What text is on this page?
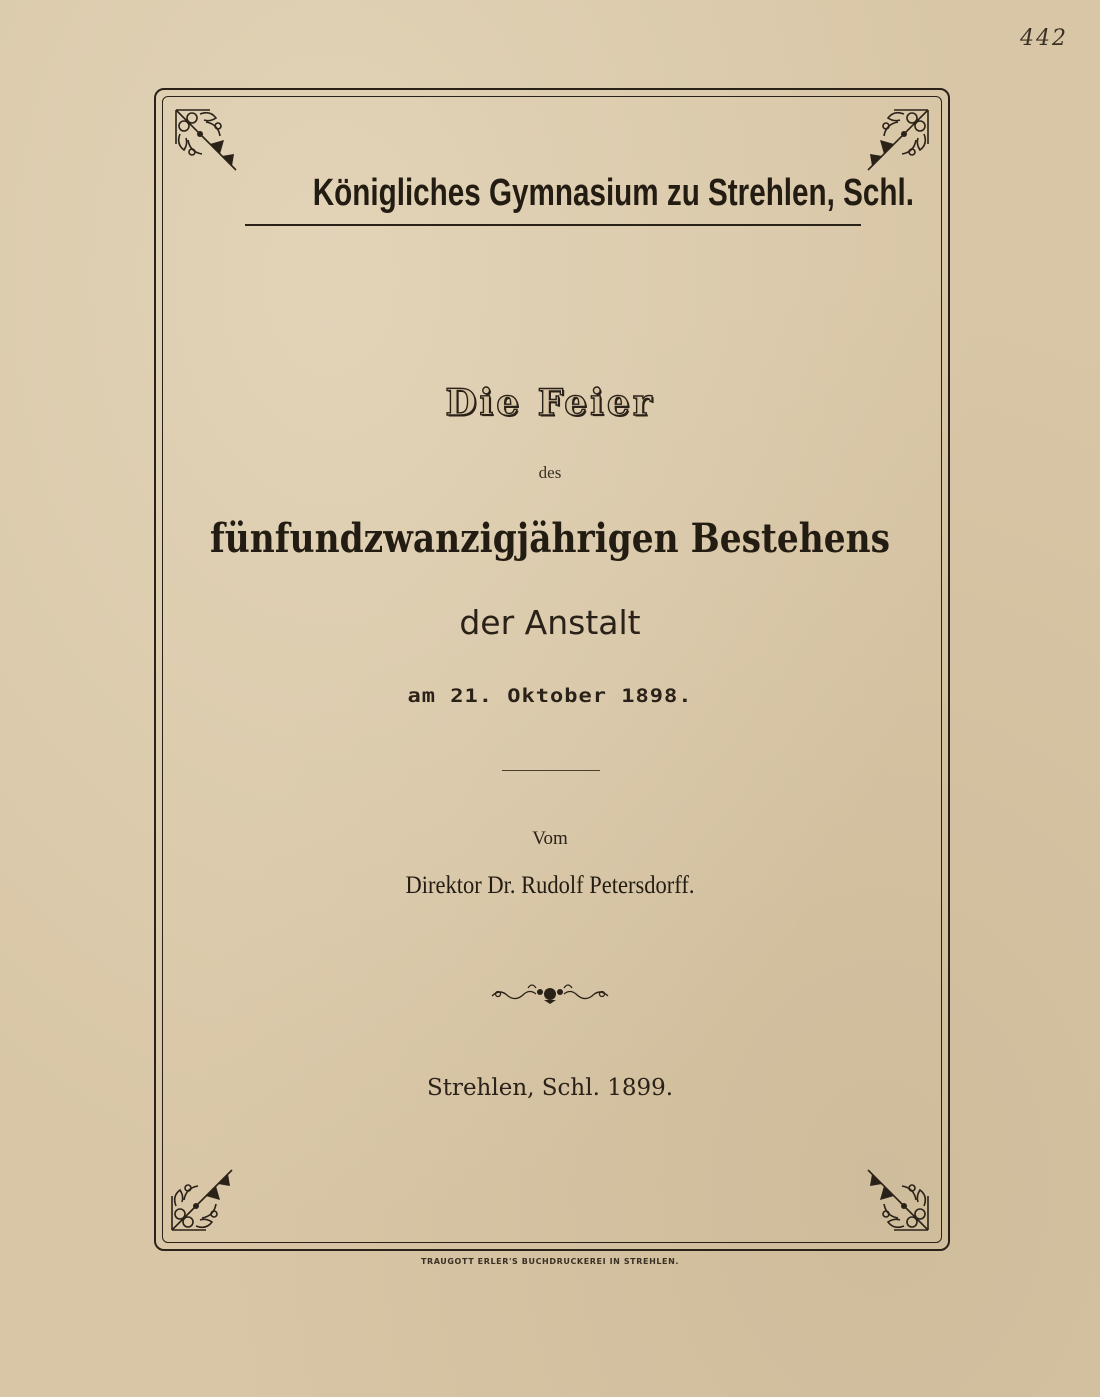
442
Königliches Gymnasium zu Strehlen, Schl.
Die Feier
des
fünfundzwanzigjährigen Bestehens
der Anstalt
am 21. Oktober 1898.
Vom
Direktor Dr. Rudolf Petersdorff.
Strehlen, Schl. 1899.
TRAUGOTT ERLER'S BUCHDRUCKEREI IN STREHLEN.
